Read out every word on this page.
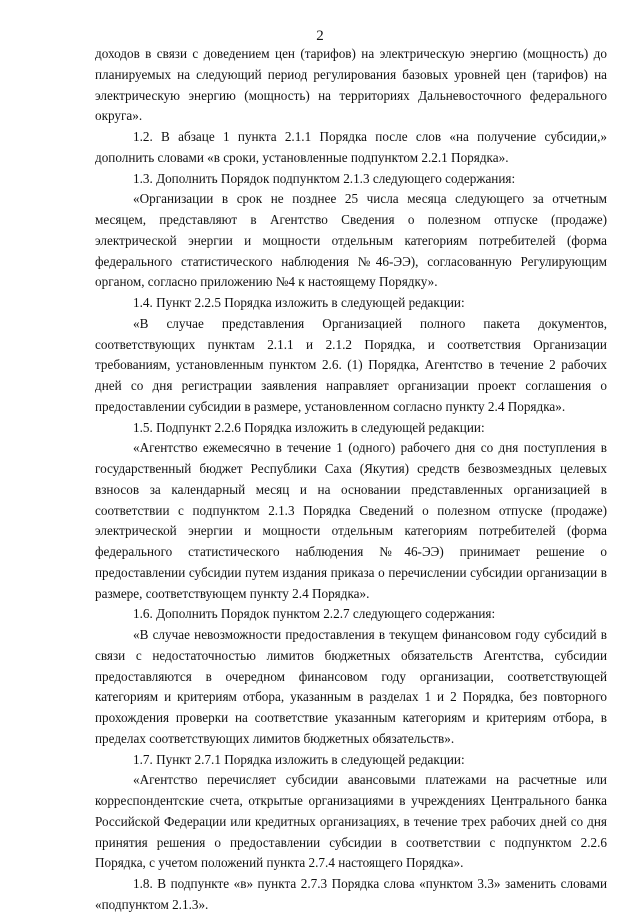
2

доходов в связи с доведением цен (тарифов) на электрическую энергию (мощность) до планируемых на следующий период регулирования базовых уровней цен (тарифов) на электрическую энергию (мощность) на территориях Дальневосточного федерального округа».

1.2. В абзаце 1 пункта 2.1.1 Порядка после слов «на получение субсидии,» дополнить словами «в сроки, установленные подпунктом 2.2.1 Порядка».

1.3. Дополнить Порядок подпунктом 2.1.3 следующего содержания:

«Организации в срок не позднее 25 числа месяца следующего за отчетным месяцем, представляют в Агентство Сведения о полезном отпуске (продаже) электрической энергии и мощности отдельным категориям потребителей (форма федерального статистического наблюдения №46-ЭЭ), согласованную Регулирующим органом, согласно приложению №4 к настоящему Порядку».

1.4. Пункт 2.2.5 Порядка изложить в следующей редакции:

«В случае представления Организацией полного пакета документов, соответствующих пунктам 2.1.1 и 2.1.2 Порядка, и соответствия Организации требованиям, установленным пунктом 2.6. (1) Порядка, Агентство в течение 2 рабочих дней со дня регистрации заявления направляет организации проект соглашения о предоставлении субсидии в размере, установленном согласно пункту 2.4 Порядка».

1.5. Подпункт 2.2.6 Порядка изложить в следующей редакции:

«Агентство ежемесячно в течение 1 (одного) рабочего дня со дня поступления в государственный бюджет Республики Саха (Якутия) средств безвозмездных целевых взносов за календарный месяц и на основании представленных организацией в соответствии с подпунктом 2.1.3 Порядка Сведений о полезном отпуске (продаже) электрической энергии и мощности отдельным категориям потребителей (форма федерального статистического наблюдения №46-ЭЭ) принимает решение о предоставлении субсидии путем издания приказа о перечислении субсидии организации в размере, соответствующем пункту 2.4 Порядка».

1.6. Дополнить Порядок пунктом 2.2.7 следующего содержания:

«В случае невозможности предоставления в текущем финансовом году субсидий в связи с недостаточностью лимитов бюджетных обязательств Агентства, субсидии предоставляются в очередном финансовом году организации, соответствующей категориям и критериям отбора, указанным в разделах 1 и 2 Порядка, без повторного прохождения проверки на соответствие указанным категориям и критериям отбора, в пределах соответствующих лимитов бюджетных обязательств».

1.7. Пункт 2.7.1 Порядка изложить в следующей редакции:

«Агентство перечисляет субсидии авансовыми платежами на расчетные или корреспондентские счета, открытые организациями в учреждениях Центрального банка Российской Федерации или кредитных организациях, в течение трех рабочих дней со дня принятия решения о предоставлении субсидии в соответствии с подпунктом 2.2.6 Порядка, с учетом положений пункта 2.7.4 настоящего Порядка».

1.8. В подпункте «в» пункта 2.7.3 Порядка слова «пунктом 3.3» заменить словами «подпунктом 2.1.3».
